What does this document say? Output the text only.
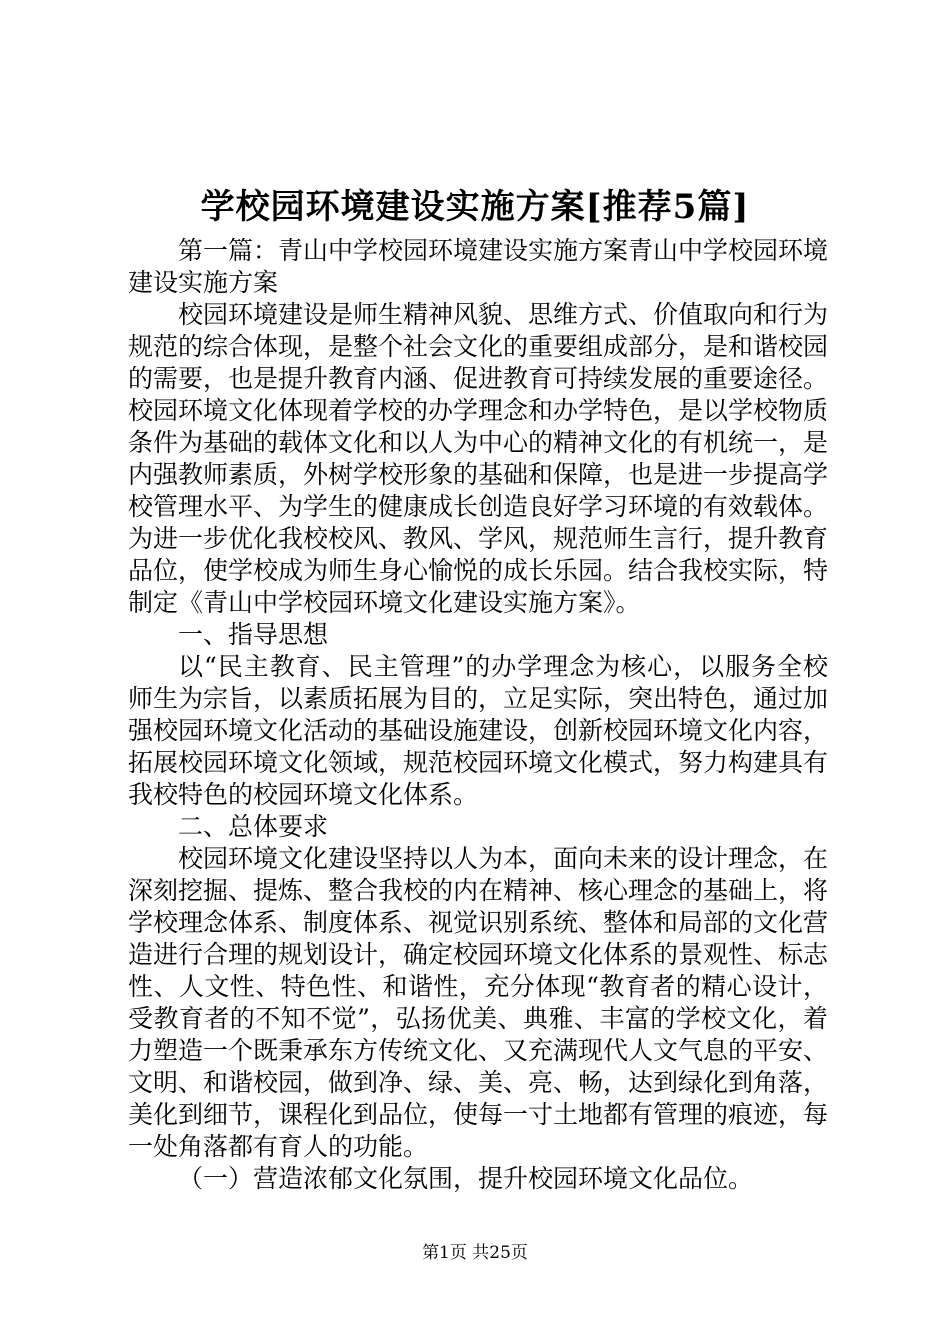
学校园环境建设实施方案[推荐5篇]

第一篇：青山中学校园环境建设实施方案青山中学校园环境建设实施方案

校园环境建设是师生精神风貌、思维方式、价值取向和行为规范的综合体现，是整个社会文化的重要组成部分，是和谐校园的需要，也是提升教育内涵、促进教育可持续发展的重要途径。校园环境文化体现着学校的办学理念和办学特色，是以学校物质条件为基础的载体文化和以人为中心的精神文化的有机统一，是内强教师素质，外树学校形象的基础和保障，也是进一步提高学校管理水平、为学生的健康成长创造良好学习环境的有效载体。为进一步优化我校校风、教风、学风，规范师生言行，提升教育品位，使学校成为师生身心愉悦的成长乐园。结合我校实际，特制定《青山中学校园环境文化建设实施方案》。

一、指导思想

以“民主教育、民主管理”的办学理念为核心，以服务全校师生为宗旨，以素质拓展为目的，立足实际，突出特色，通过加强校园环境文化活动的基础设施建设，创新校园环境文化内容，拓展校园环境文化领域，规范校园环境文化模式，努力构建具有我校特色的校园环境文化体系。

二、总体要求

校园环境文化建设坚持以人为本，面向未来的设计理念，在深刻挖掘、提炼、整合我校的内在精神、核心理念的基础上，将学校理念体系、制度体系、视觉识别系统、整体和局部的文化营造进行合理的规划设计，确定校园环境文化体系的景观性、标志性、人文性、特色性、和谐性，充分体现“教育者的精心设计，受教育者的不知不觉”，弘扬优美、典雅、丰富的学校文化，着力塑造一个既秉承东方传统文化、又充满现代人文气息的平安、文明、和谐校园，做到净、绿、美、亮、畅，达到绿化到角落，美化到细节，课程化到品位，使每一寸土地都有管理的痕迹，每一处角落都有育人的功能。

（一）营造浓郁文化氛围，提升校园环境文化品位。

第1页 共25页
